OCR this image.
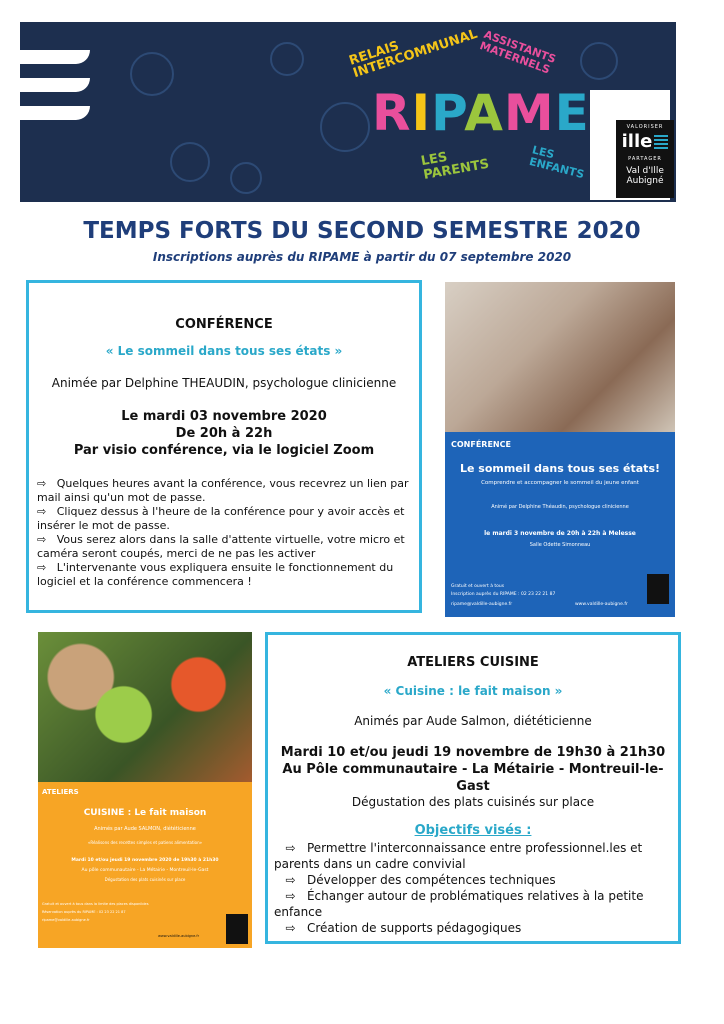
RELAIS INTERCOMMUNAL ASSISTANTS MATERNELS
RIPAME
LES PARENTS
LES ENFANTS
VALORISER
ille
PARTAGER
Val d'Ille Aubigné
TEMPS FORTS DU SECOND SEMESTRE 2020
Inscriptions auprès du RIPAME à partir du 07 septembre 2020
CONFÉRENCE
« Le sommeil dans tous ses états »
Animée par Delphine THEAUDIN, psychologue clinicienne
Le mardi 03 novembre 2020
De 20h à 22h
Par visio conférence, via le logiciel Zoom

⇨ Quelques heures avant la conférence, vous recevrez un lien par mail ainsi qu'un mot de passe.

⇨ Cliquez dessus à l'heure de la conférence pour y avoir accès et insérer le mot de passe.

⇨ Vous serez alors dans la salle d'attente virtuelle, votre micro et caméra seront coupés, merci de ne pas les activer

⇨ L'intervenante vous expliquera ensuite le fonctionnement du logiciel et la conférence commencera !

CONFÉRENCE
Le sommeil dans tous ses états!
Comprendre et accompagner le sommeil du jeune enfant
Animé par Delphine Théaudin, psychologue clinicienne
le mardi 3 novembre de 20h à 22h à Melesse
Salle Odette Simonneau
Gratuit et ouvert à tous
Inscription auprès du RIPAME : 02 23 22 21 87
ripame@valdille-aubigne.fr	www.valdille-aubigne.fr
ATELIERS
CUISINE : Le fait maison
Animés par Aude SALMON, diététicienne
«Réalisons des recettes simples et patiens alimentation»
Mardi 10 et/ou jeudi 19 novembre 2020 de 19h30 à 21h30
Au pôle communautaire - La Métairie - Montreuil-le-Gast
Dégustation des plats cuisinés sur place
Gratuit et ouvert à tous dans la limite des places disponibles
Réservation auprès du RIPAME : 02 23 22 21 87
ripame@valdille-aubigne.fr
www.valdille-aubigne.fr
ATELIERS CUISINE
« Cuisine : le fait maison »
Animés par Aude Salmon, diététicienne
Mardi 10 et/ou jeudi 19 novembre de 19h30 à 21h30
Au Pôle communautaire - La Métairie - Montreuil-le-Gast
Dégustation des plats cuisinés sur place
Objectifs visés :

⇨ Permettre l'interconnaissance entre professionnel.les et parents dans un cadre convivial

⇨ Développer des compétences techniques

⇨ Échanger autour de problématiques relatives à la petite enfance

⇨ Création de supports pédagogiques
